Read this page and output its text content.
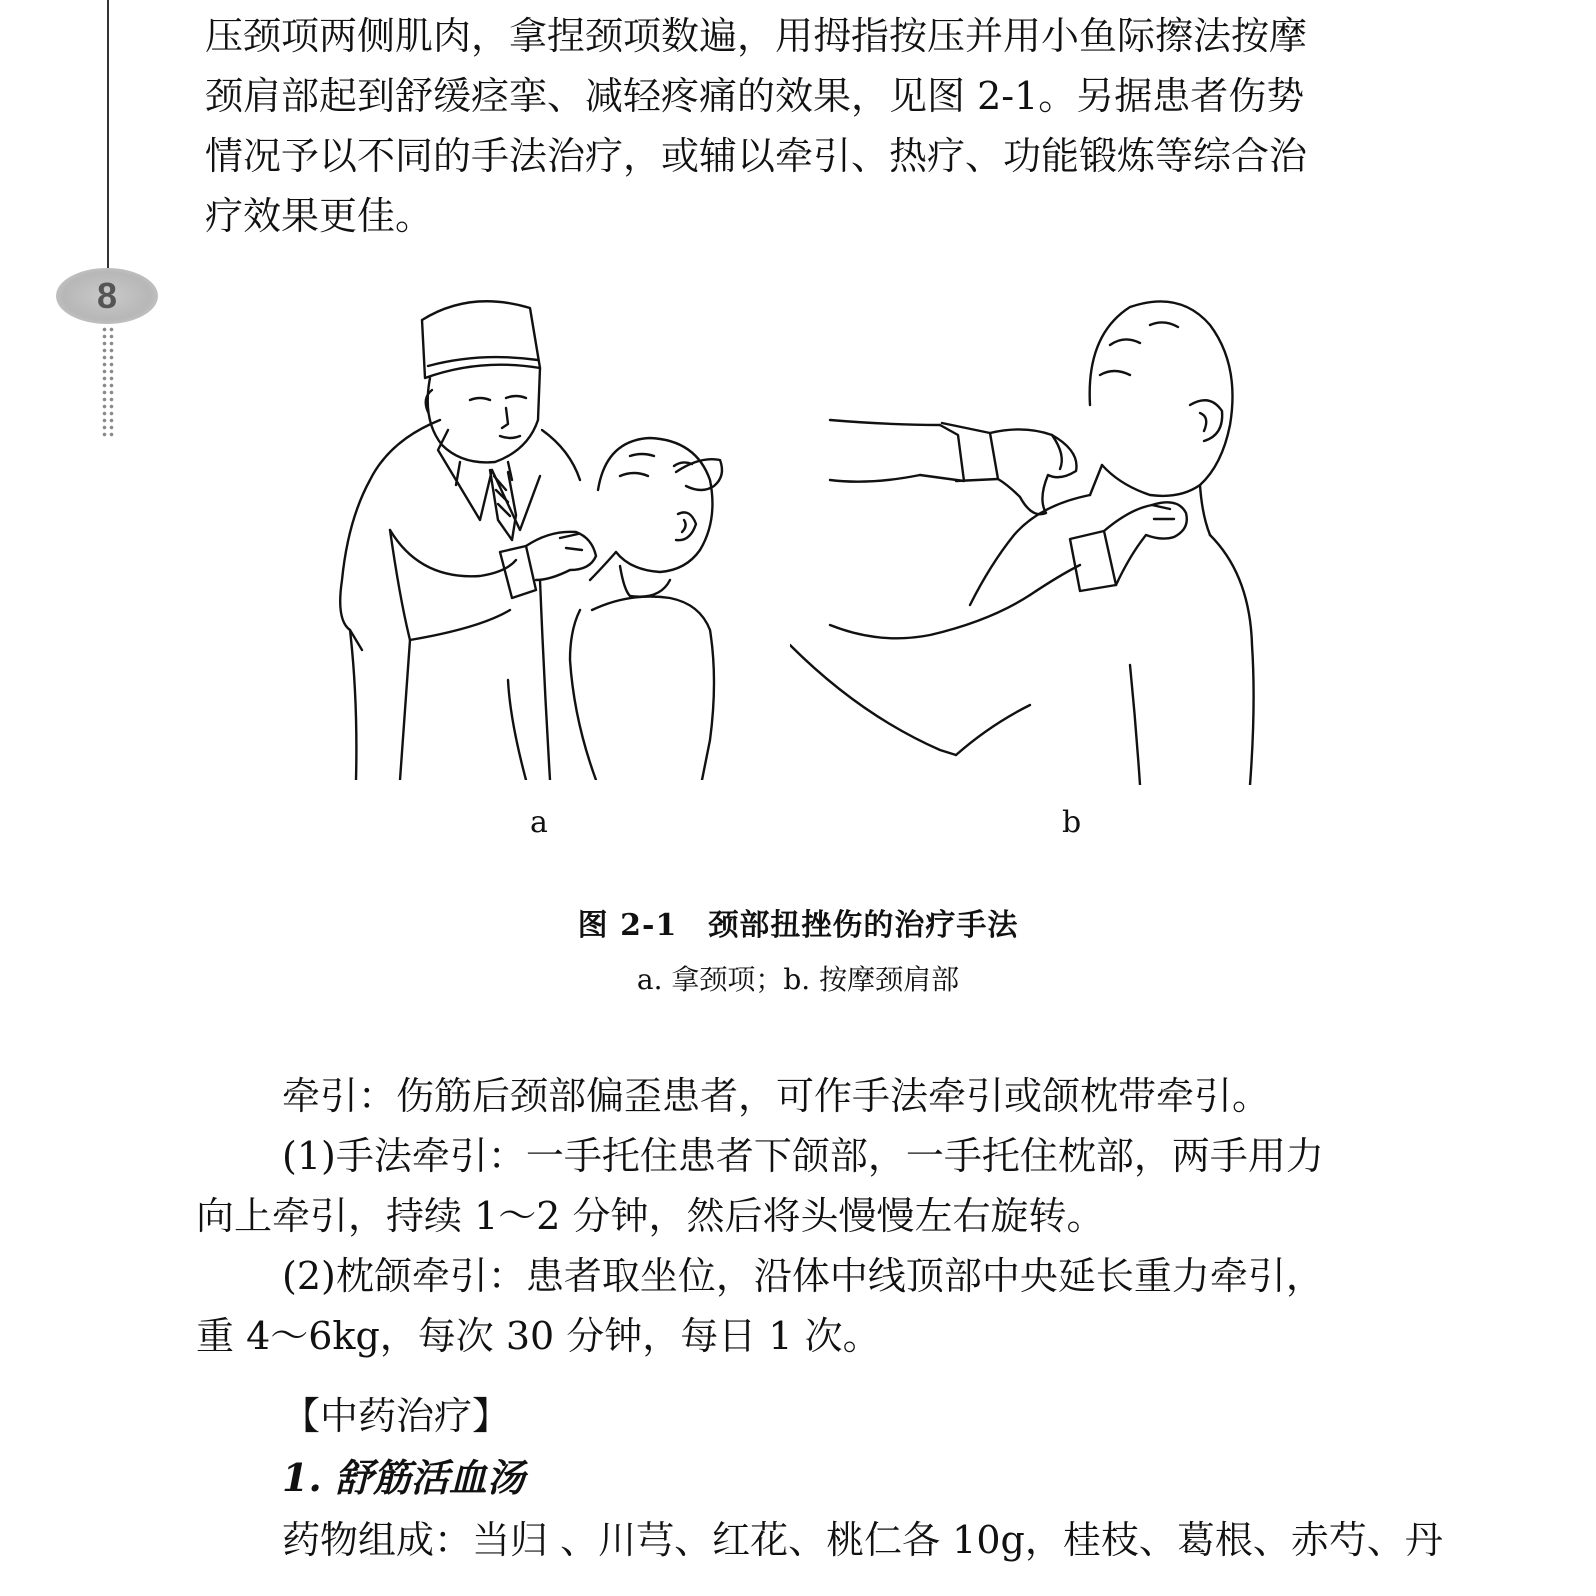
8

压颈项两侧肌肉，拿捏颈项数遍，用拇指按压并用小鱼际擦法按摩
颈肩部起到舒缓痉挛、减轻疼痛的效果，见图 2-1。另据患者伤势
情况予以不同的手法治疗，或辅以牵引、热疗、功能锻炼等综合治
疗效果更佳。

a	b
图 2-1　颈部扭挫伤的治疗手法
a. 拿颈项；b. 按摩颈肩部

牵引：伤筋后颈部偏歪患者，可作手法牵引或颌枕带牵引。
(1)手法牵引：一手托住患者下颌部，一手托住枕部，两手用力
向上牵引，持续 1～2 分钟，然后将头慢慢左右旋转。
(2)枕颌牵引：患者取坐位，沿体中线顶部中央延长重力牵引，
重 4～6kg，每次 30 分钟，每日 1 次。

【中药治疗】

1. 舒筋活血汤

药物组成：当归 、川芎、红花、桃仁各 10g，桂枝、葛根、赤芍、丹
